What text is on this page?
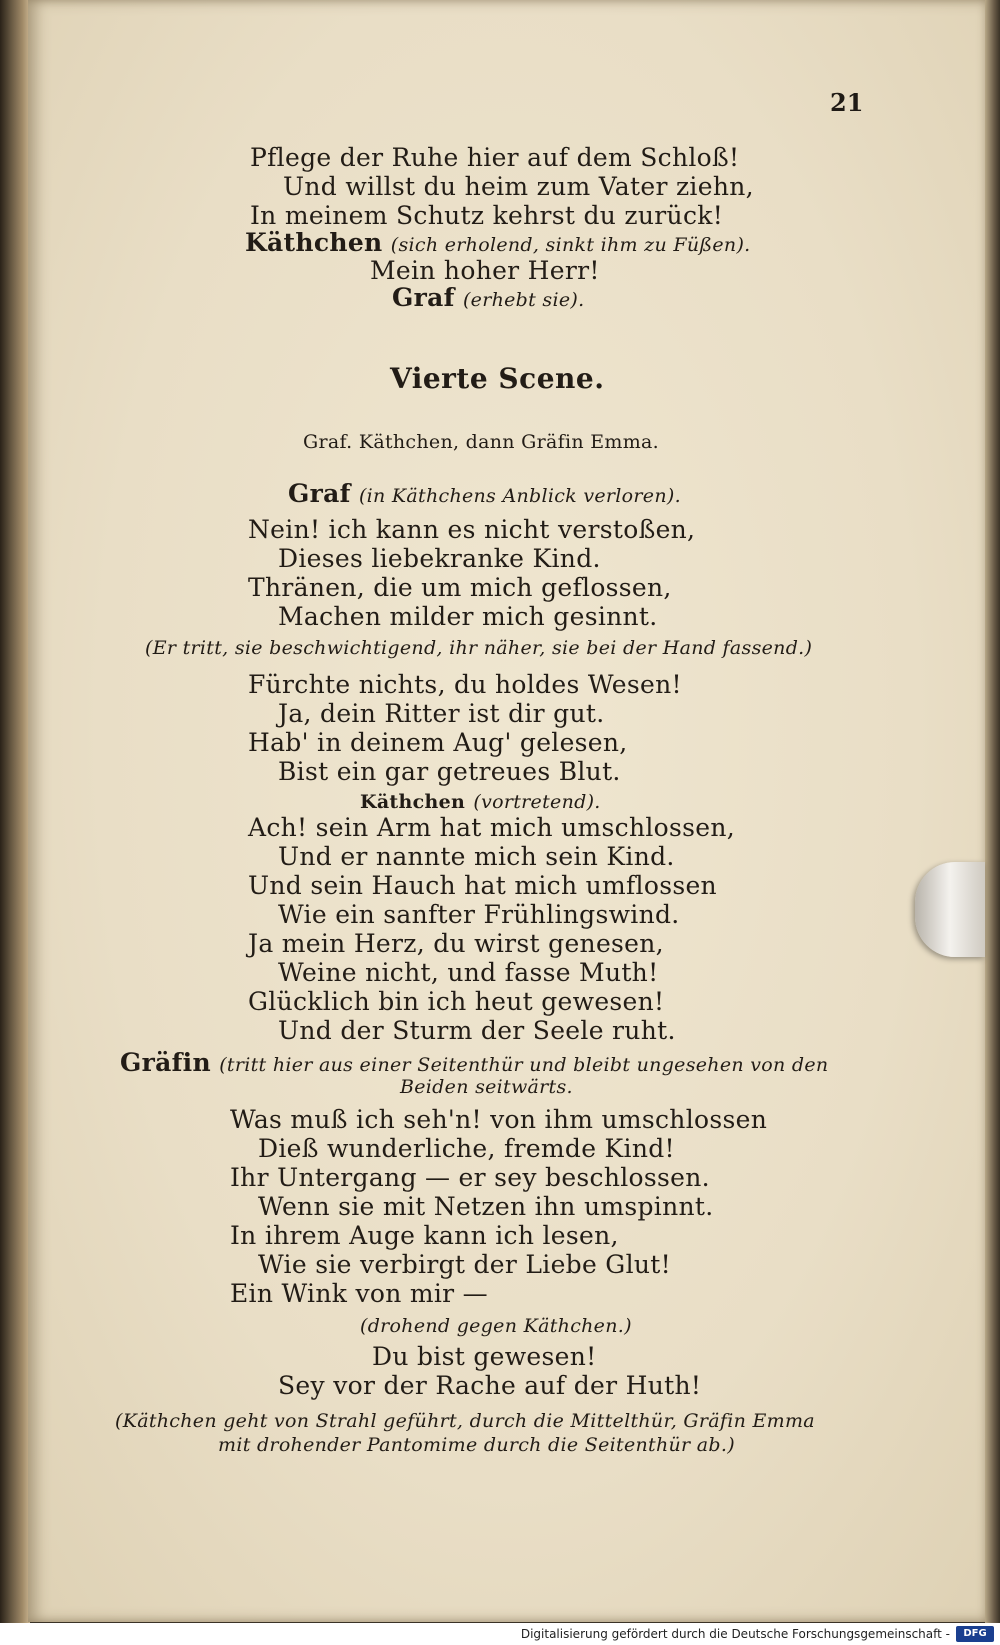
21
Pflege der Ruhe hier auf dem Schloß!
Und willst du heim zum Vater ziehn,
In meinem Schutz kehrst du zurück!
Käthchen (sich erholend, sinkt ihm zu Füßen).
Mein hoher Herr!
Graf (erhebt sie).
Vierte Scene.
Graf. Käthchen, dann Gräfin Emma.
Graf (in Käthchens Anblick verloren).
Nein! ich kann es nicht verstoßen,
Dieses liebekranke Kind.
Thränen, die um mich geflossen,
Machen milder mich gesinnt.
(Er tritt, sie beschwichtigend, ihr näher, sie bei der Hand fassend.)
Fürchte nichts, du holdes Wesen!
Ja, dein Ritter ist dir gut.
Hab' in deinem Aug' gelesen,
Bist ein gar getreues Blut.
Käthchen (vortretend).
Ach! sein Arm hat mich umschlossen,
Und er nannte mich sein Kind.
Und sein Hauch hat mich umflossen
Wie ein sanfter Frühlingswind.
Ja mein Herz, du wirst genesen,
Weine nicht, und fasse Muth!
Glücklich bin ich heut gewesen!
Und der Sturm der Seele ruht.
Gräfin (tritt hier aus einer Seitenthür und bleibt ungesehen von den
Beiden seitwärts.
Was muß ich seh'n! von ihm umschlossen
Dieß wunderliche, fremde Kind!
Ihr Untergang — er sey beschlossen.
Wenn sie mit Netzen ihn umspinnt.
In ihrem Auge kann ich lesen,
Wie sie verbirgt der Liebe Glut!
Ein Wink von mir —
(drohend gegen Käthchen.)
Du bist gewesen!
Sey vor der Rache auf der Huth!
(Käthchen geht von Strahl geführt, durch die Mittelthür, Gräfin Emma
mit drohender Pantomime durch die Seitenthür ab.)
Digitalisierung gefördert durch die Deutsche Forschungsgemeinschaft -	DFG
